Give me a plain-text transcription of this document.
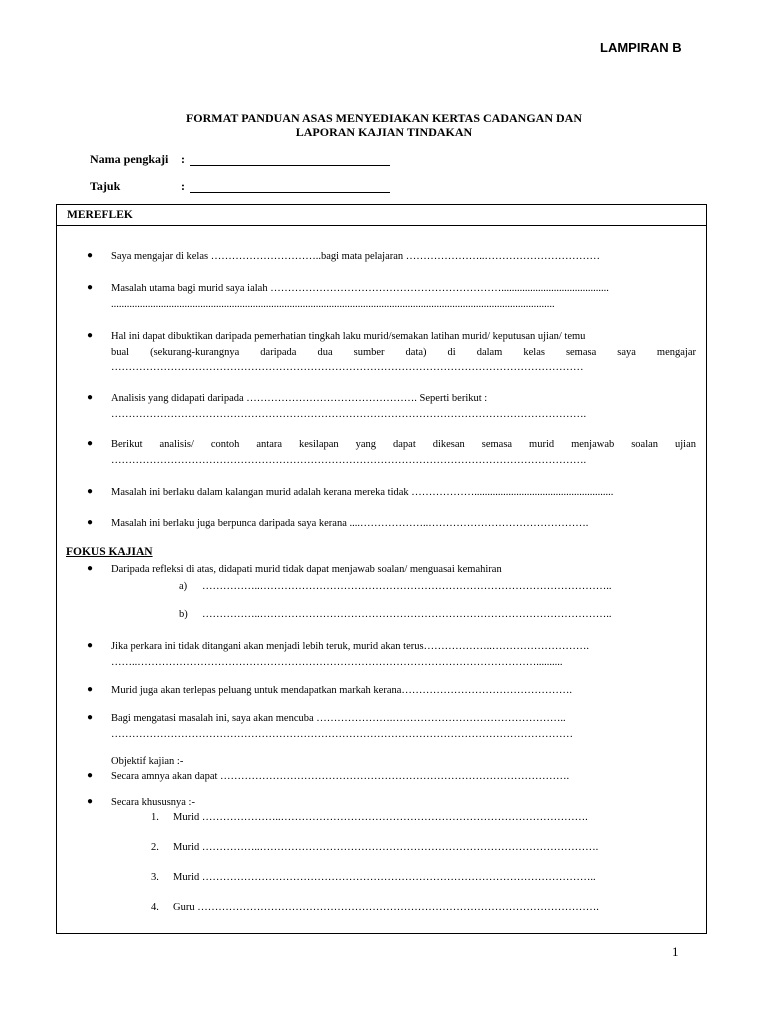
LAMPIRAN B
FORMAT PANDUAN ASAS MENYEDIAKAN KERTAS CADANGAN DAN
LAPORAN KAJIAN TINDAKAN
Nama pengkaji :
Tajuk	:
MEREFLEK
● Saya mengajar di kelas …………………………..bagi mata pelajaran …………………..……………………………
● Masalah utama bagi murid saya ialah ………………………………………………………….........................................
.........................................................................................................................................................................
● Hal ini dapat dibuktikan daripada pemerhatian tingkah laku murid/semakan latihan murid/ keputusan ujian/ temu
bual (sekurang-kurangnya daripada dua sumber data) di dalam kelas semasa saya mengajar
………………………………………………………………………………………………………………………
● Analisis yang didapati daripada …………………………………………. Seperti berikut :
……………………………………………………………………………………………………………………….
● Berikut analisis/ contoh antara kesilapan yang dapat dikesan semasa murid menjawab soalan ujian
……………………………………………………………………………………………………………………….
● Masalah ini berlaku dalam kalangan murid adalah kerana mereka tidak ……………….....................................................
● Masalah ini berlaku juga berpunca daripada saya kerana ....………………..……………………………………….
FOKUS KAJIAN
● Daripada refleksi di atas, didapati murid tidak dapat menjawab soalan/ menguasai kemahiran
a) ……………..………………………………………………………………………………………..
b) ……………..………………………………………………………………………………………..
● Jika perkara ini tidak ditangani akan menjadi lebih teruk, murid akan terus………………..……………………….
……..……………………………………………………………………………………………………..........
● Murid juga akan terlepas peluang untuk mendapatkan markah kerana………………………………………….
● Bagi mengatasi masalah ini, saya akan mencuba ………………….…………………………………………..
……………………………………………………………………………………………………………………
Objektif kajian :-
● Secara amnya akan dapat ……………………………………………………………………………………….
● Secara khususnya :-
1. Murid …………………..…………………………………………………………………………….
2. Murid ……………..…………………………………………………………………………………….
3. Murid …………………………………………………………………………………………………..
4. Guru …………………………………………………………………………………………………….
1
